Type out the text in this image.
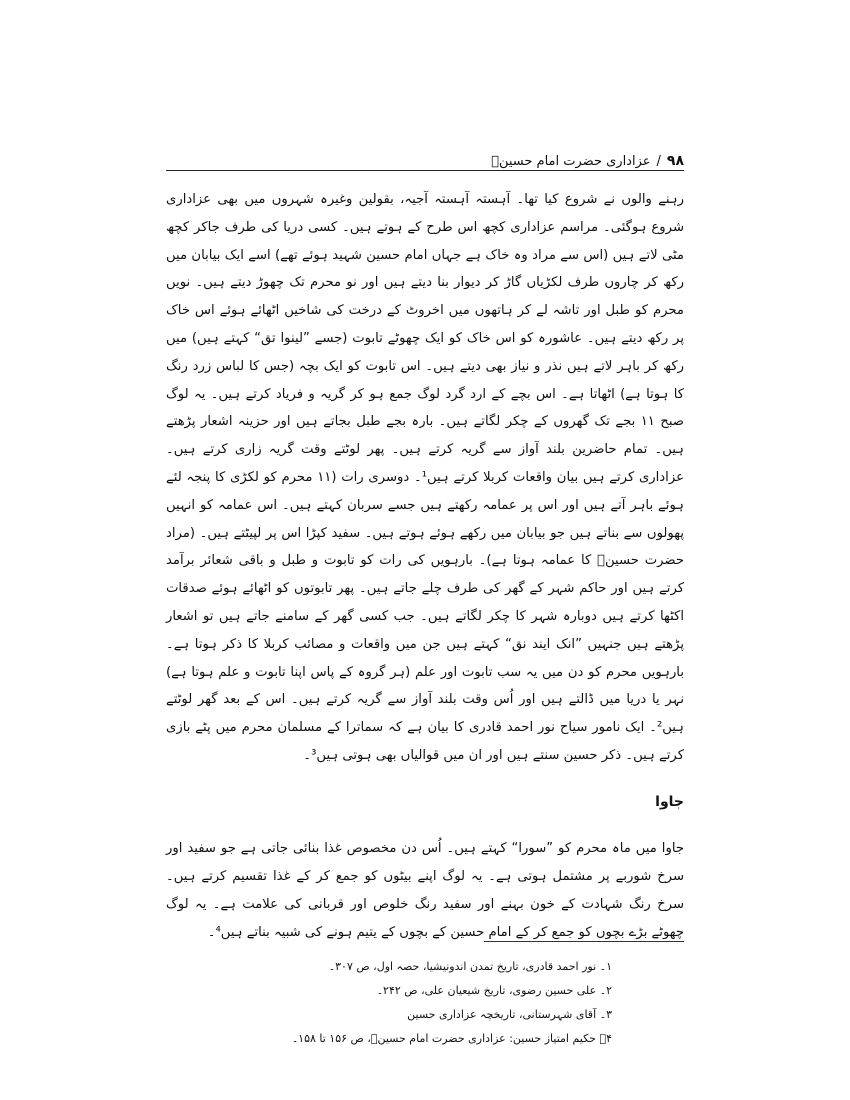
۹۸
/
عزاداری حضرت امام حسینؑ

رہنے والوں نے شروع کیا تھا۔ آہستہ آہستہ آجیہ، بقولین وغیرہ شہروں میں بھی عزاداری شروع ہوگئی۔ مراسم عزاداری کچھ اس طرح کے ہوتے ہیں۔ کسی دریا کی طرف جاکر کچھ مٹی لاتے ہیں (اس سے مراد وہ خاک ہے جہاں امام حسین شہید ہوئے تھے) اسے ایک بیابان میں رکھ کر چاروں طرف لکڑیاں گاڑ کر دیوار بنا دیتے ہیں اور نو محرم تک چھوڑ دیتے ہیں۔ نویں محرم کو طبل اور تاشہ لے کر ہاتھوں میں اخروٹ کے درخت کی شاخیں اٹھائے ہوئے اس خاک پر رکھ دیتے ہیں۔ عاشورہ کو اس خاک کو ایک چھوٹے تابوت (جسے ”لینوا تق“ کہتے ہیں) میں رکھ کر باہر لاتے ہیں نذر و نیاز بھی دیتے ہیں۔ اس تابوت کو ایک بچہ (جس کا لباس زرد رنگ کا ہوتا ہے) اٹھاتا ہے۔ اس بچے کے ارد گرد لوگ جمع ہو کر گریہ و فریاد کرتے ہیں۔ یہ لوگ صبح ۱۱ بجے تک گھروں کے چکر لگاتے ہیں۔ بارہ بجے طبل بجاتے ہیں اور حزینہ اشعار پڑھتے ہیں۔ تمام حاضرین بلند آواز سے گریہ کرتے ہیں۔ پھر لوٹتے وقت گریہ زاری کرتے ہیں۔ عزاداری کرتے ہیں بیان واقعات کربلا کرتے ہیں¹۔ دوسری رات (۱۱ محرم کو لکڑی کا پنجہ لئے ہوئے باہر آتے ہیں اور اس پر عمامہ رکھتے ہیں جسے سربان کہتے ہیں۔ اس عمامہ کو انہیں پھولوں سے بناتے ہیں جو بیابان میں رکھے ہوئے ہوتے ہیں۔ سفید کپڑا اس پر لپیٹتے ہیں۔ (مراد حضرت حسینؑ کا عمامہ ہوتا ہے)۔ بارہویں کی رات کو تابوت و طبل و باقی شعائر برآمد کرتے ہیں اور حاکم شہر کے گھر کی طرف چلے جاتے ہیں۔ پھر تابوتوں کو اٹھائے ہوئے صدقات اکٹھا کرتے ہیں دوبارہ شہر کا چکر لگاتے ہیں۔ جب کسی گھر کے سامنے جاتے ہیں تو اشعار پڑھتے ہیں جنہیں ”انک ایند نق“ کہتے ہیں جن میں واقعات و مصائب کربلا کا ذکر ہوتا ہے۔ بارہویں محرم کو دن میں یہ سب تابوت اور علم (ہر گروہ کے پاس اپنا تابوت و علم ہوتا ہے) نہر یا دریا میں ڈالتے ہیں اور اُس وقت بلند آواز سے گریہ کرتے ہیں۔ اس کے بعد گھر لوٹتے ہیں²۔ ایک نامور سیاح نور احمد قادری کا بیان ہے کہ سماترا کے مسلمان محرم میں پٹے بازی کرتے ہیں۔ ذکر حسین سنتے ہیں اور ان میں قوالیاں بھی ہوتی ہیں³۔

جاوا

جاوا میں ماہ محرم کو ”سورا“ کہتے ہیں۔ اُس دن مخصوص غذا بنائی جاتی ہے جو سفید اور سرخ شوربے پر مشتمل ہوتی ہے۔ یہ لوگ اپنے بیٹوں کو جمع کر کے غذا تقسیم کرتے ہیں۔ سرخ رنگ شہادت کے خون بہنے اور سفید رنگ خلوص اور قربانی کی علامت ہے۔ یہ لوگ چھوٹے بڑے بچوں کو جمع کر کے امام حسین کے بچوں کے یتیم ہونے کی شبیہ بناتے ہیں⁴۔

۱۔ نور احمد قادری، تاریخ تمدن اندونیشیا، حصہ اول، ص ۳۰۷۔
۲۔ علی حسین رضوی، تاریخ شیعیان علی، ص ۲۴۲۔
۳۔ آقای شہرستانی، تاریخچہ عزاداری حسین
۴۔ حکیم امتیاز حسین: عزاداری حضرت امام حسینؑ، ص ۱۵۶ تا ۱۵۸۔
